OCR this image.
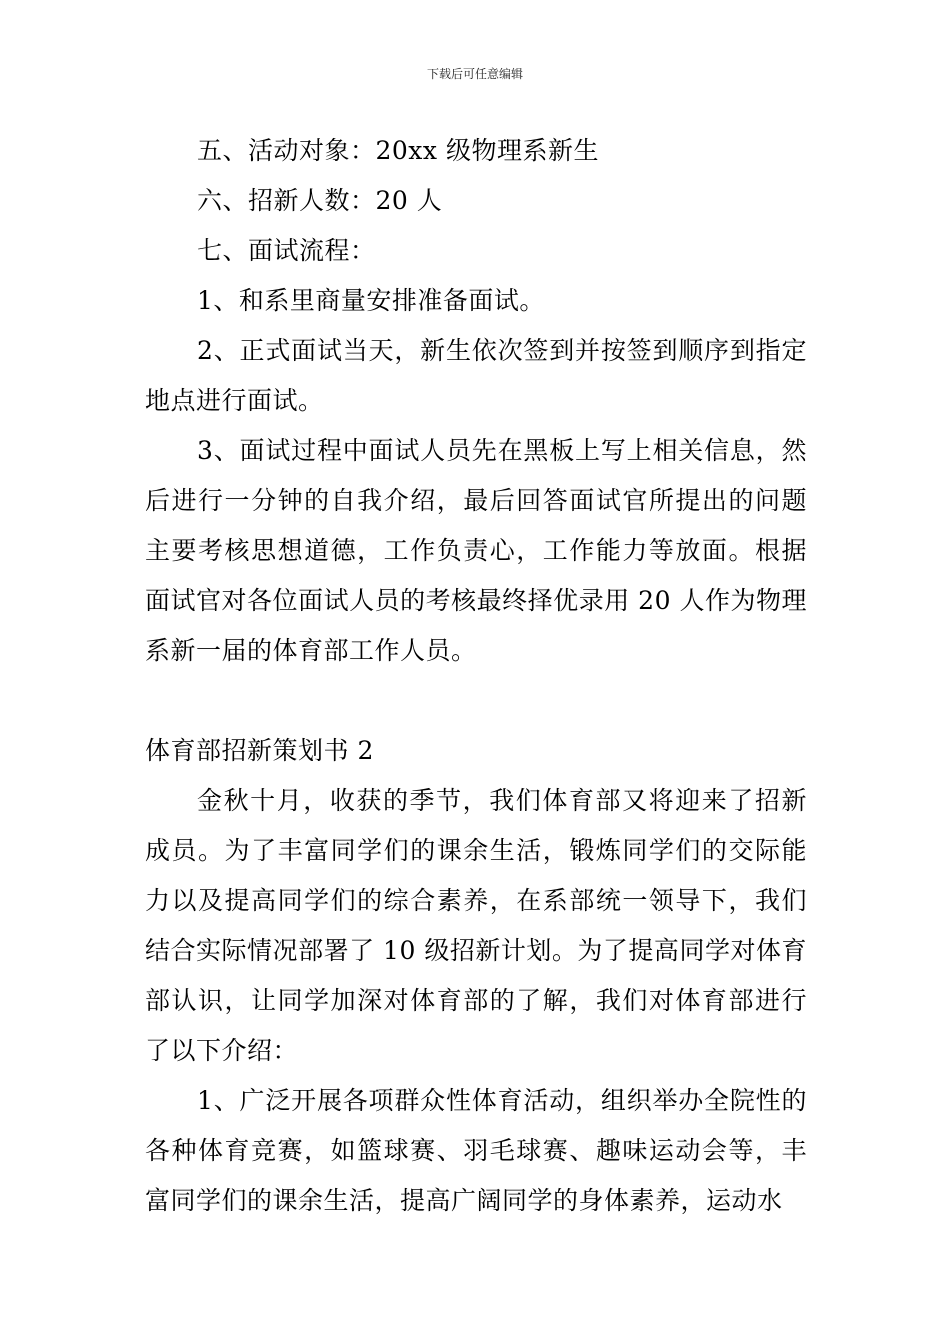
下载后可任意编辑

五、活动对象：20xx 级物理系新生

六、招新人数：20 人

七、面试流程：

1、和系里商量安排准备面试。

2、正式面试当天，新生依次签到并按签到顺序到指定地点进行面试。

3、面试过程中面试人员先在黑板上写上相关信息，然后进行一分钟的自我介绍，最后回答面试官所提出的问题主要考核思想道德，工作负责心，工作能力等放面。根据面试官对各位面试人员的考核最终择优录用 20 人作为物理系新一届的体育部工作人员。

体育部招新策划书 2

金秋十月，收获的季节，我们体育部又将迎来了招新成员。为了丰富同学们的课余生活，锻炼同学们的交际能力以及提高同学们的综合素养，在系部统一领导下，我们结合实际情况部署了 10 级招新计划。为了提高同学对体育部认识，让同学加深对体育部的了解，我们对体育部进行了以下介绍：

1、广泛开展各项群众性体育活动，组织举办全院性的各种体育竞赛，如篮球赛、羽毛球赛、趣味运动会等，丰富同学们的课余生活，提高广阔同学的身体素养，运动水
